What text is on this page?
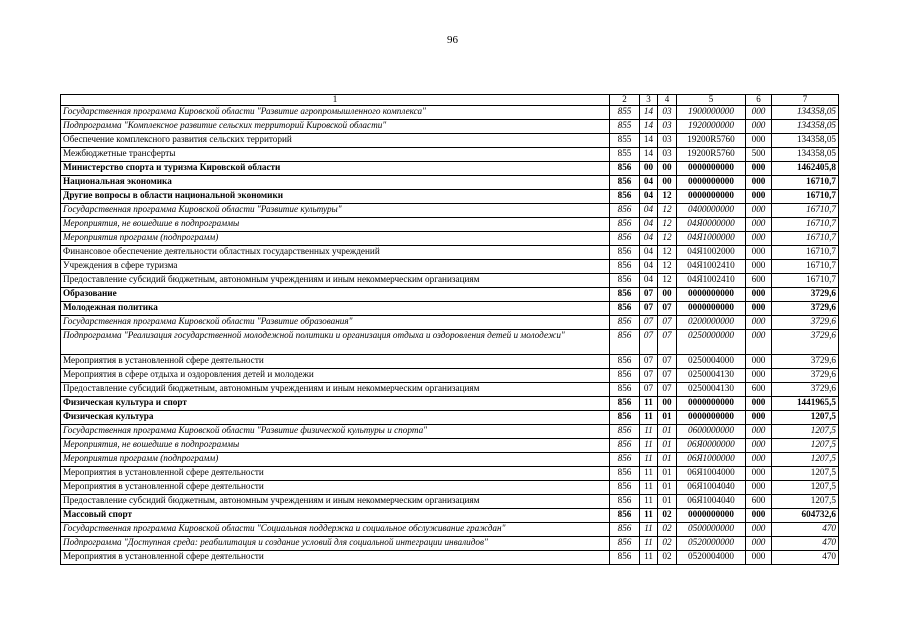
96
1	2	3	4	5	6	7
Государственная программа Кировской области "Развитие агропромышленного комплекса"	855	14	03	1900000000	000	134358,05
Подпрограмма "Комплексное развитие сельских территорий Кировской области"	855	14	03	1920000000	000	134358,05
Обеспечение комплексного развития сельских территорий	855	14	03	19200R5760	000	134358,05
Межбюджетные трансферты	855	14	03	19200R5760	500	134358,05
Министерство спорта и туризма Кировской области	856	00	00	0000000000	000	1462405,8
Национальная экономика	856	04	00	0000000000	000	16710,7
Другие вопросы в области национальной экономики	856	04	12	0000000000	000	16710,7
Государственная программа Кировской области "Развитие культуры"	856	04	12	0400000000	000	16710,7
Мероприятия, не вошедшие в подпрограммы	856	04	12	04Я0000000	000	16710,7
Мероприятия программ (подпрограмм)	856	04	12	04Я1000000	000	16710,7
Финансовое обеспечение деятельности областных государственных учреждений	856	04	12	04Я1002000	000	16710,7
Учреждения в сфере туризма	856	04	12	04Я1002410	000	16710,7
Предоставление субсидий бюджетным, автономным учреждениям и иным некоммерческим организациям	856	04	12	04Я1002410	600	16710,7
Образование	856	07	00	0000000000	000	3729,6
Молодежная политика	856	07	07	0000000000	000	3729,6
Государственная программа Кировской области "Развитие образования"	856	07	07	0200000000	000	3729,6
Подпрограмма "Реализация государственной молодежной политики и организация отдыха и оздоровления детей и молодежи"	856	07	07	0250000000	000	3729,6
Мероприятия в установленной сфере деятельности	856	07	07	0250004000	000	3729,6
Мероприятия в сфере отдыха и оздоровления детей и молодежи	856	07	07	0250004130	000	3729,6
Предоставление субсидий бюджетным, автономным учреждениям и иным некоммерческим организациям	856	07	07	0250004130	600	3729,6
Физическая культура и спорт	856	11	00	0000000000	000	1441965,5
Физическая культура	856	11	01	0000000000	000	1207,5
Государственная программа Кировской области "Развитие физической культуры и спорта"	856	11	01	0600000000	000	1207,5
Мероприятия, не вошедшие в подпрограммы	856	11	01	06Я0000000	000	1207,5
Мероприятия программ (подпрограмм)	856	11	01	06Я1000000	000	1207,5
Мероприятия в установленной сфере деятельности	856	11	01	06Я1004000	000	1207,5
Мероприятия в установленной сфере деятельности	856	11	01	06Я1004040	000	1207,5
Предоставление субсидий бюджетным, автономным учреждениям и иным некоммерческим организациям	856	11	01	06Я1004040	600	1207,5
Массовый спорт	856	11	02	0000000000	000	604732,6
Государственная программа Кировской области "Социальная поддержка и социальное обслуживание граждан"	856	11	02	0500000000	000	470
Подпрограмма "Доступная среда: реабилитация и создание условий для социальной интеграции инвалидов"	856	11	02	0520000000	000	470
Мероприятия в установленной сфере деятельности	856	11	02	0520004000	000	470
